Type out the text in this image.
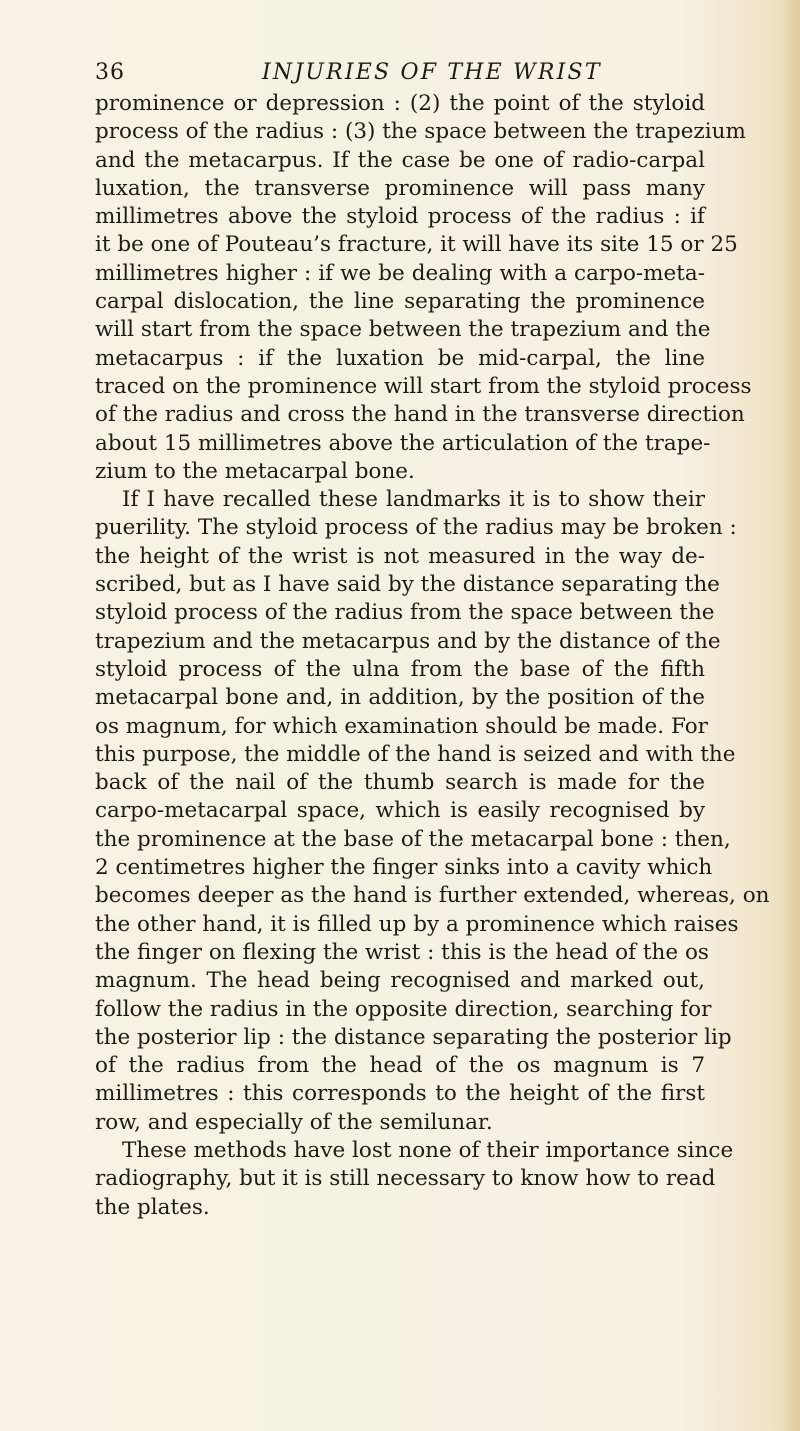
36	INJURIES OF THE WRIST
prominence or depression : (2) the point of the styloid
process of the radius : (3) the space between the trapezium
and the metacarpus. If the case be one of radio-carpal
luxation, the transverse prominence will pass many
millimetres above the styloid process of the radius : if
it be one of Pouteau’s fracture, it will have its site 15 or 25
millimetres higher : if we be dealing with a carpo-meta-
carpal dislocation, the line separating the prominence
will start from the space between the trapezium and the
metacarpus : if the luxation be mid-carpal, the line
traced on the prominence will start from the styloid process
of the radius and cross the hand in the transverse direction
about 15 millimetres above the articulation of the trape-
zium to the metacarpal bone.
If I have recalled these landmarks it is to show their
puerility. The styloid process of the radius may be broken :
the height of the wrist is not measured in the way de-
scribed, but as I have said by the distance separating the
styloid process of the radius from the space between the
trapezium and the metacarpus and by the distance of the
styloid process of the ulna from the base of the fifth
metacarpal bone and, in addition, by the position of the
os magnum, for which examination should be made. For
this purpose, the middle of the hand is seized and with the
back of the nail of the thumb search is made for the
carpo-metacarpal space, which is easily recognised by
the prominence at the base of the metacarpal bone : then,
2 centimetres higher the finger sinks into a cavity which
becomes deeper as the hand is further extended, whereas, on
the other hand, it is filled up by a prominence which raises
the finger on flexing the wrist : this is the head of the os
magnum. The head being recognised and marked out,
follow the radius in the opposite direction, searching for
the posterior lip : the distance separating the posterior lip
of the radius from the head of the os magnum is 7
millimetres : this corresponds to the height of the first
row, and especially of the semilunar.
These methods have lost none of their importance since
radiography, but it is still necessary to know how to read
the plates.
